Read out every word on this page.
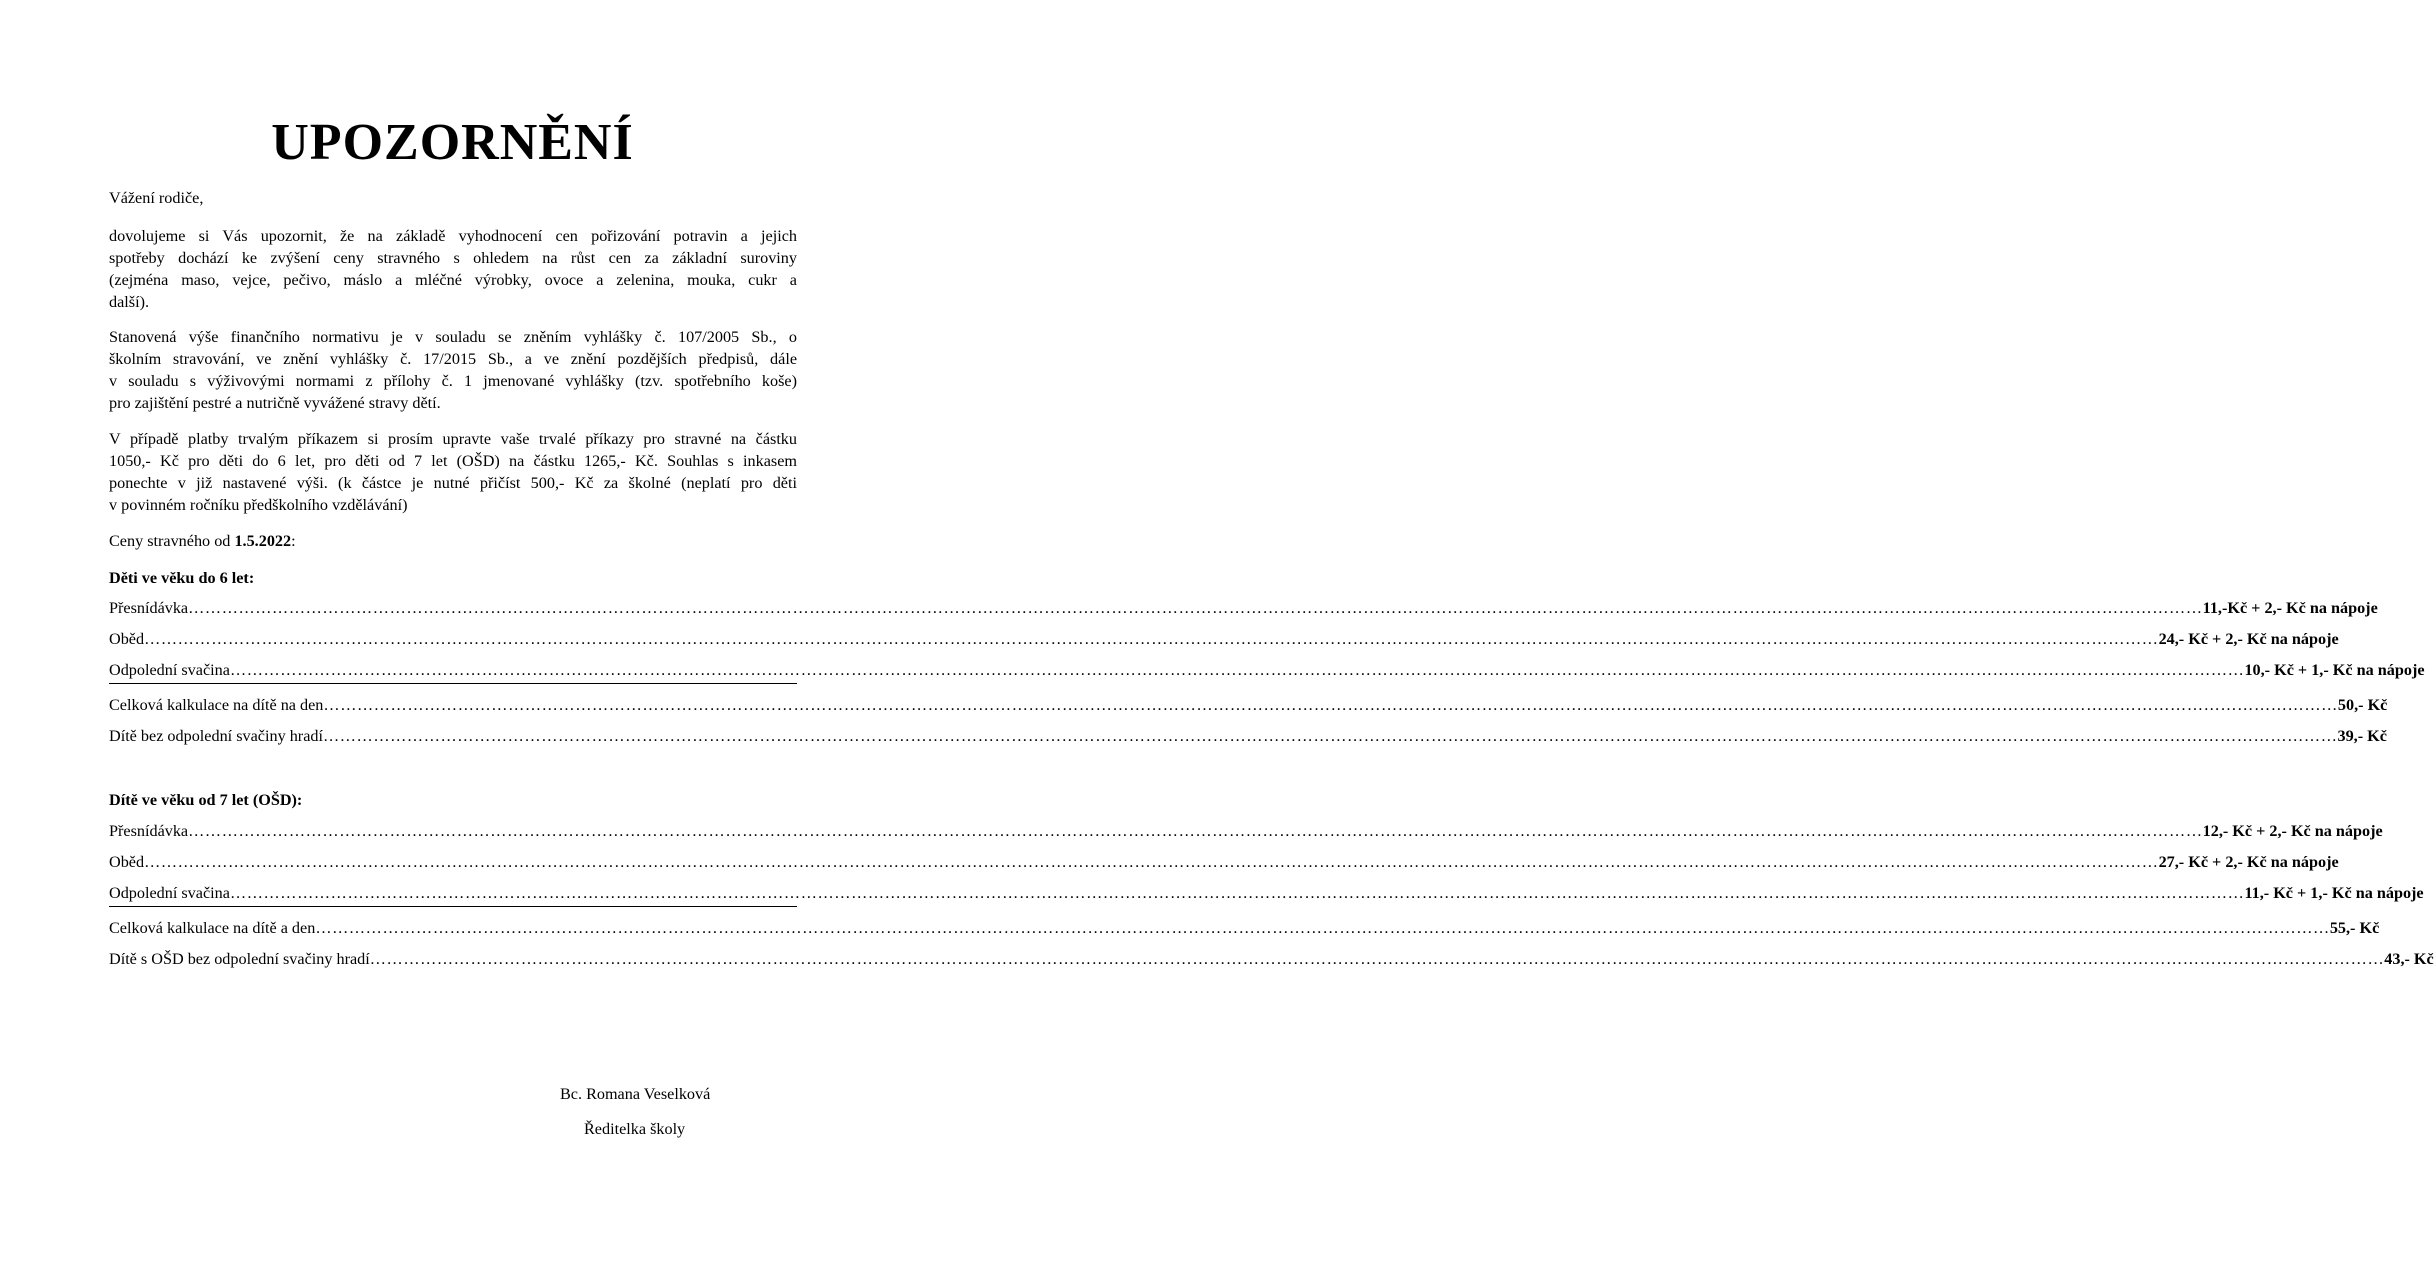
UPOZORNĚNÍ
Vážení rodiče,
dovolujeme si Vás upozornit, že na základě vyhodnocení cen pořizování potravin a jejich
spotřeby dochází ke zvýšení ceny stravného s ohledem na růst cen za základní suroviny
(zejména maso, vejce, pečivo, máslo a mléčné výrobky, ovoce a zelenina, mouka, cukr a
další).
Stanovená výše finančního normativu je v souladu se zněním vyhlášky č. 107/2005 Sb., o
školním stravování, ve znění vyhlášky č. 17/2015 Sb., a ve znění pozdějších předpisů, dále
v souladu s výživovými normami z přílohy č. 1 jmenované vyhlášky (tzv. spotřebního koše)
pro zajištění pestré a nutričně vyvážené stravy dětí.
V případě platby trvalým příkazem si prosím upravte vaše trvalé příkazy pro stravné na částku
1050,- Kč pro děti do 6 let, pro děti od 7 let (OŠD) na částku 1265,- Kč. Souhlas s inkasem
ponechte v již nastavené výši. (k částce je nutné přičíst 500,- Kč za školné (neplatí pro děti
v povinném ročníku předškolního vzdělávání)
Ceny stravného od 1.5.2022:
Děti ve věku do 6 let:
Přesnídávka ……………………………………………………………………………………………………………………………………………………………………………………………………………………………………………………………………………………………………………………………… 11,-Kč + 2,- Kč na nápoje
Oběd ……………………………………………………………………………………………………………………………………………………………………………………………………………………………………………………………………………………………………………………………… 24,- Kč + 2,- Kč na nápoje
Odpolední svačina ……………………………………………………………………………………………………………………………………………………………………………………………………………………………………………………………………………………………………………………………… 10,- Kč + 1,- Kč na nápoje
Celková kalkulace na dítě na den ……………………………………………………………………………………………………………………………………………………………………………………………………………………………………………………………………………………………………………………………… 50,- Kč
Dítě bez odpolední svačiny hradí ……………………………………………………………………………………………………………………………………………………………………………………………………………………………………………………………………………………………………………………………… 39,- Kč
Dítě ve věku od 7 let (OŠD):
Přesnídávka ……………………………………………………………………………………………………………………………………………………………………………………………………………………………………………………………………………………………………………………………… 12,- Kč + 2,- Kč na nápoje
Oběd ……………………………………………………………………………………………………………………………………………………………………………………………………………………………………………………………………………………………………………………………… 27,- Kč + 2,- Kč na nápoje
Odpolední svačina ……………………………………………………………………………………………………………………………………………………………………………………………………………………………………………………………………………………………………………………………… 11,- Kč + 1,- Kč na nápoje
Celková kalkulace na dítě a den ……………………………………………………………………………………………………………………………………………………………………………………………………………………………………………………………………………………………………………………………… 55,- Kč
Dítě s OŠD bez odpolední svačiny hradí ……………………………………………………………………………………………………………………………………………………………………………………………………………………………………………………………………………………………………………………………… 43,- Kč
Bc. Romana Veselková
Ředitelka školy
